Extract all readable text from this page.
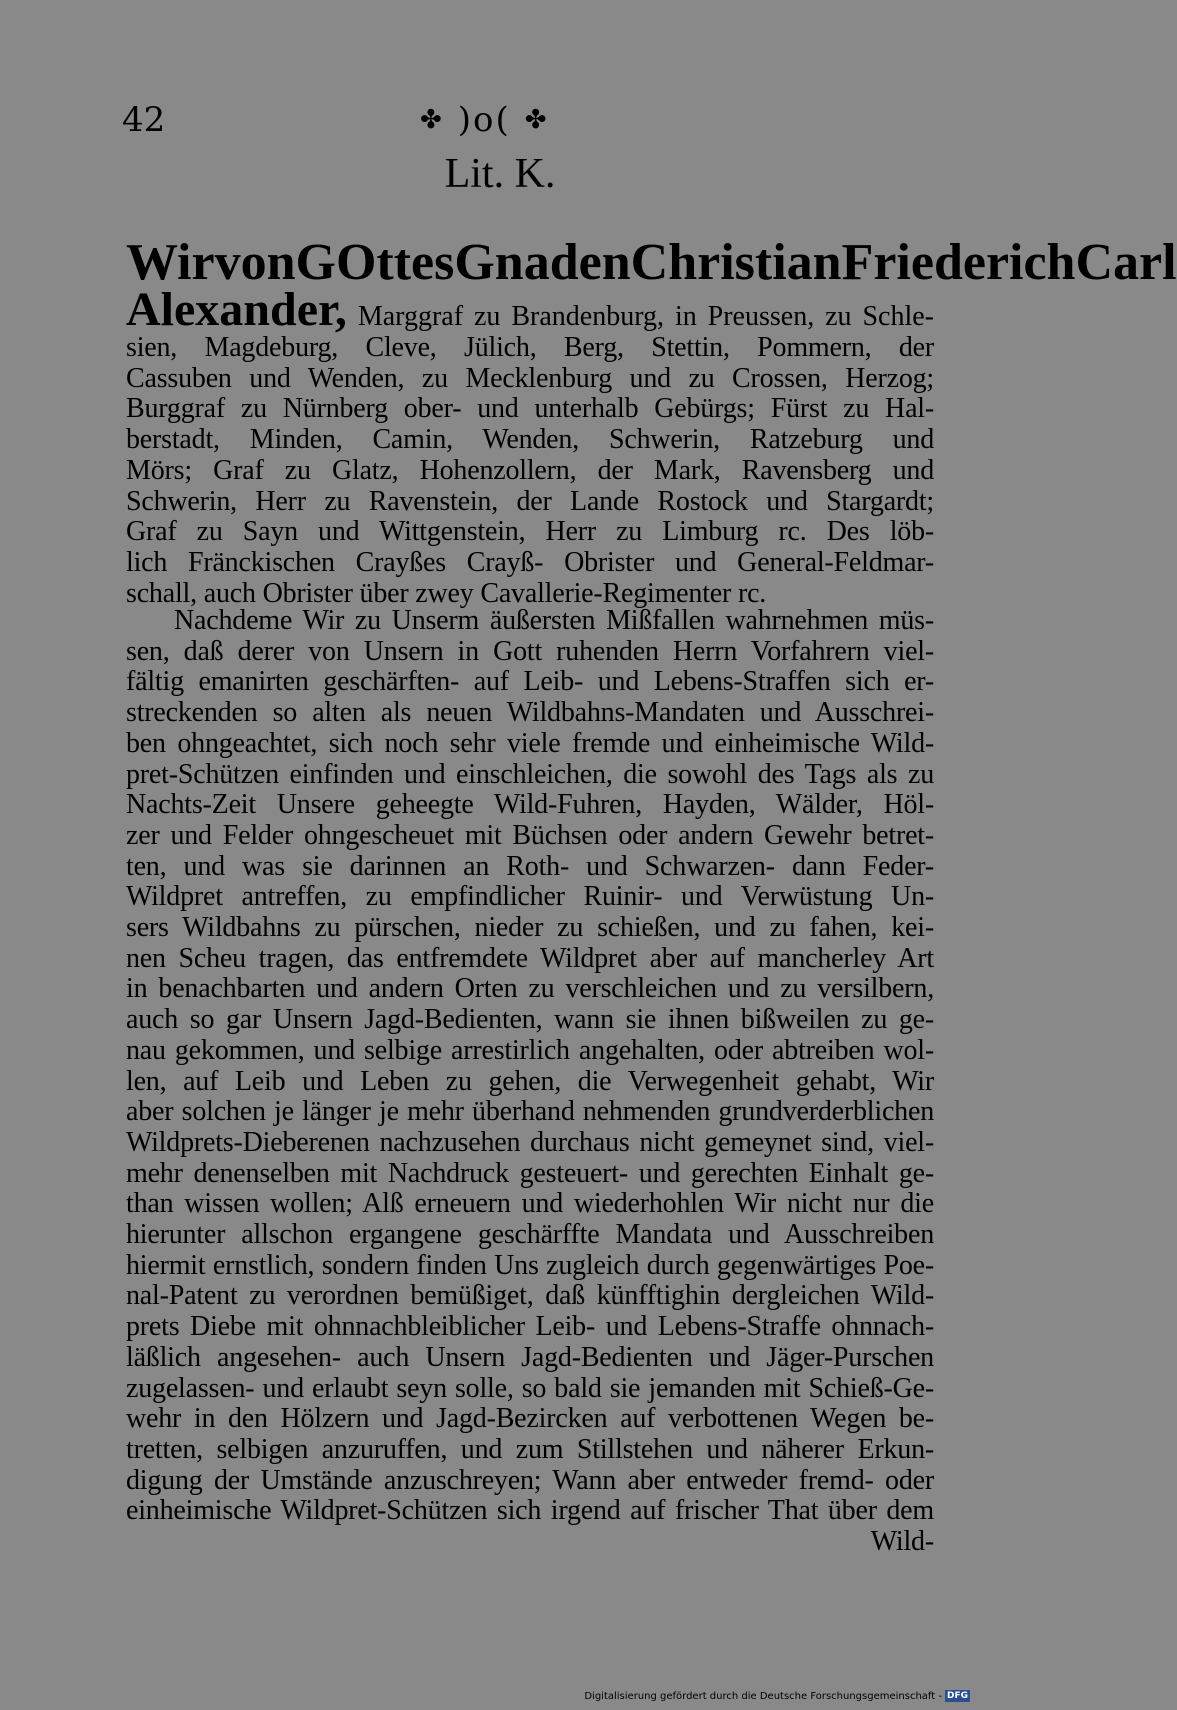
42	✤ )o( ✤
Lit. K.
Wir von GOttes Gnaden Christian Friederich Carl
Alexander, Marggraf zu Brandenburg, in Preussen, zu Schle-
sien, Magdeburg, Cleve, Jülich, Berg, Stettin, Pommern, der
Cassuben und Wenden, zu Mecklenburg und zu Crossen, Herzog;
Burggraf zu Nürnberg ober- und unterhalb Gebürgs; Fürst zu Hal-
berstadt, Minden, Camin, Wenden, Schwerin, Ratzeburg und
Mörs; Graf zu Glatz, Hohenzollern, der Mark, Ravensberg und
Schwerin, Herr zu Ravenstein, der Lande Rostock und Stargardt;
Graf zu Sayn und Wittgenstein, Herr zu Limburg rc. Des löb-
lich Fränckischen Crayßes Crayß- Obrister und General-Feldmar-
schall, auch Obrister über zwey Cavallerie-Regimenter rc.
Nachdeme Wir zu Unserm äußersten Mißfallen wahrnehmen müs-
sen, daß derer von Unsern in Gott ruhenden Herrn Vorfahrern viel-
fältig emanirten geschärften- auf Leib- und Lebens-Straffen sich er-
streckenden so alten als neuen Wildbahns-Mandaten und Ausschrei-
ben ohngeachtet, sich noch sehr viele fremde und einheimische Wild-
pret-Schützen einfinden und einschleichen, die sowohl des Tags als zu
Nachts-Zeit Unsere geheegte Wild-Fuhren, Hayden, Wälder, Höl-
zer und Felder ohngescheuet mit Büchsen oder andern Gewehr betret-
ten, und was sie darinnen an Roth- und Schwarzen- dann Feder-
Wildpret antreffen, zu empfindlicher Ruinir- und Verwüstung Un-
sers Wildbahns zu pürschen, nieder zu schießen, und zu fahen, kei-
nen Scheu tragen, das entfremdete Wildpret aber auf mancherley Art
in benachbarten und andern Orten zu verschleichen und zu versilbern,
auch so gar Unsern Jagd-Bedienten, wann sie ihnen bißweilen zu ge-
nau gekommen, und selbige arrestirlich angehalten, oder abtreiben wol-
len, auf Leib und Leben zu gehen, die Verwegenheit gehabt, Wir
aber solchen je länger je mehr überhand nehmenden grundverderblichen
Wildprets-Dieberenen nachzusehen durchaus nicht gemeynet sind, viel-
mehr denenselben mit Nachdruck gesteuert- und gerechten Einhalt ge-
than wissen wollen; Alß erneuern und wiederhohlen Wir nicht nur die
hierunter allschon ergangene geschärffte Mandata und Ausschreiben
hiermit ernstlich, sondern finden Uns zugleich durch gegenwärtiges Poe-
nal-Patent zu verordnen bemüßiget, daß künfftighin dergleichen Wild-
prets Diebe mit ohnnachbleiblicher Leib- und Lebens-Straffe ohnnach-
läßlich angesehen- auch Unsern Jagd-Bedienten und Jäger-Purschen
zugelassen- und erlaubt seyn solle, so bald sie jemanden mit Schieß-Ge-
wehr in den Hölzern und Jagd-Bezircken auf verbottenen Wegen be-
tretten, selbigen anzuruffen, und zum Stillstehen und näherer Erkun-
digung der Umstände anzuschreyen; Wann aber entweder fremd- oder
einheimische Wildpret-Schützen sich irgend auf frischer That über dem
Wild-
Digitalisierung gefördert durch die Deutsche Forschungsgemeinschaft - DFG
